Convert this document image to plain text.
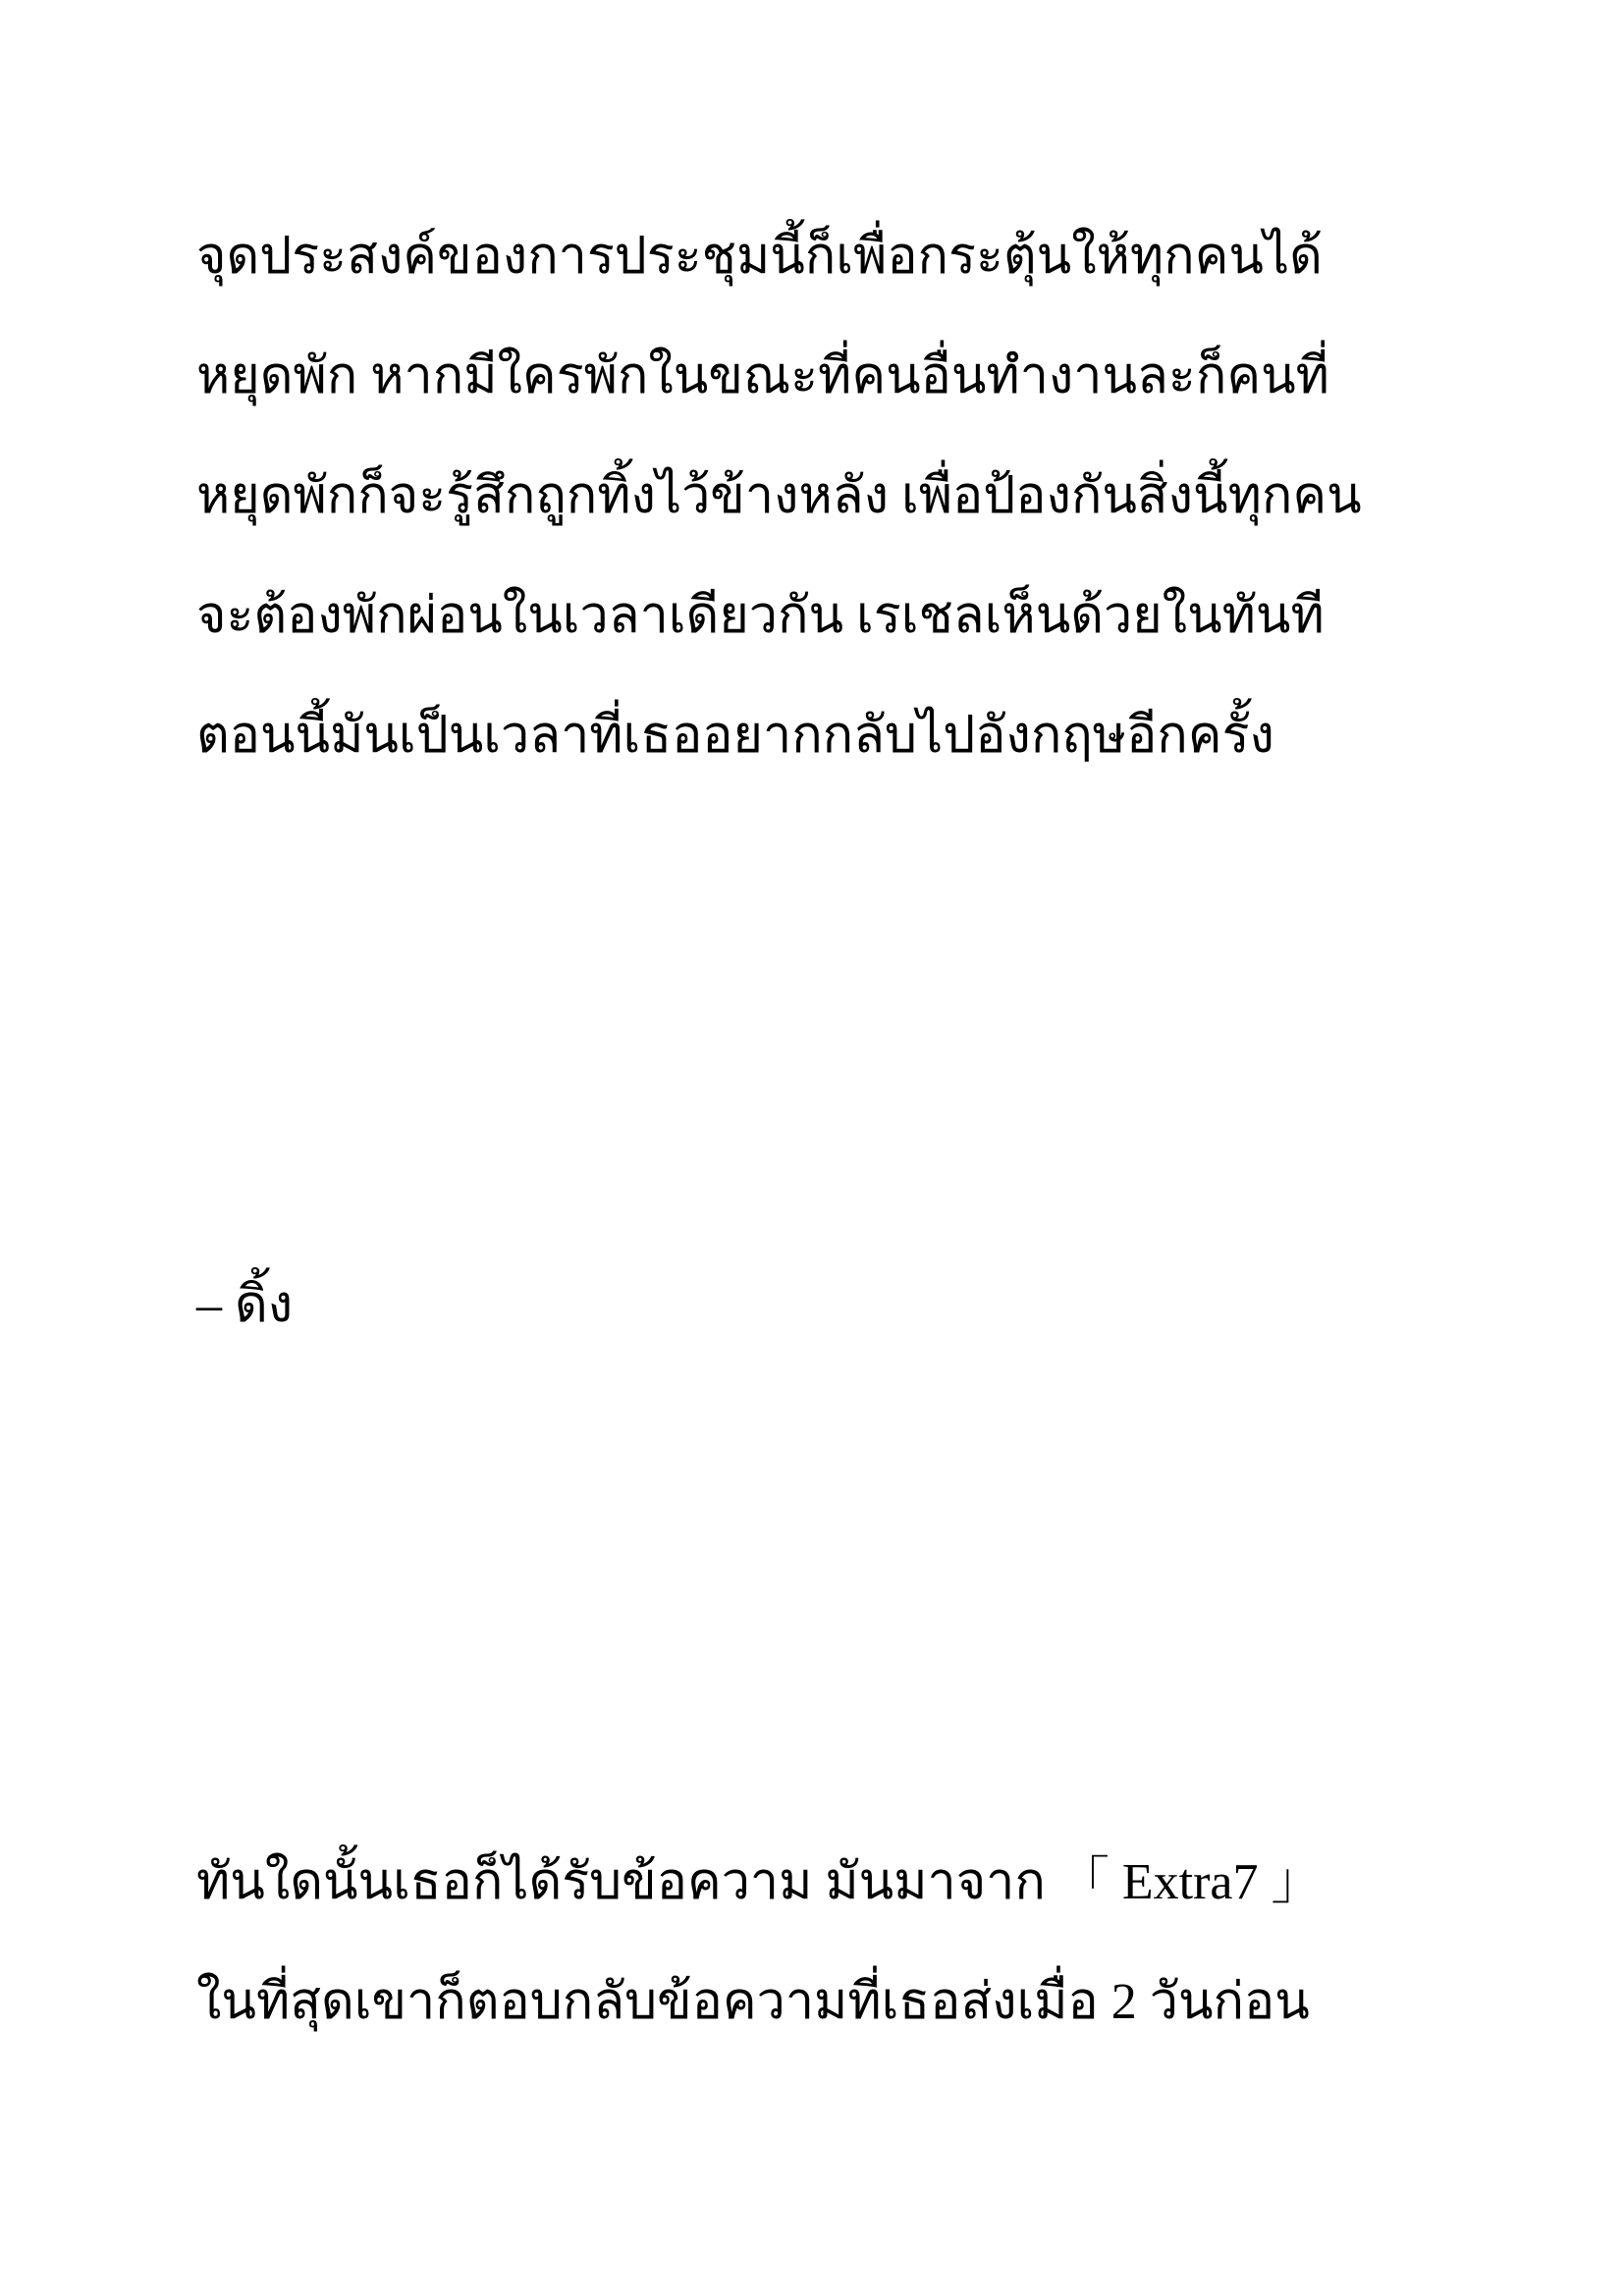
จุดประสงค์ของการประชุมนี้ก็เพื่อกระตุ้นให้ทุกคนได้

หยุดพัก หากมีใครพักในขณะที่คนอื่นทำงานละก็คนที่

หยุดพักก็จะรู้สึกถูกทิ้งไว้ข้างหลัง เพื่อป้องกันสิ่งนี้ทุกคน

จะต้องพักผ่อนในเวลาเดียวกัน เรเชลเห็นด้วยในทันที

ตอนนี้มันเป็นเวลาที่เธออยากกลับไปอังกฤษอีกครั้ง

– ดิ้ง

ทันใดนั้นเธอก็ได้รับข้อความ มันมาจาก 「 Extra7 」

ในที่สุดเขาก็ตอบกลับข้อความที่เธอส่งเมื่อ 2 วันก่อน
